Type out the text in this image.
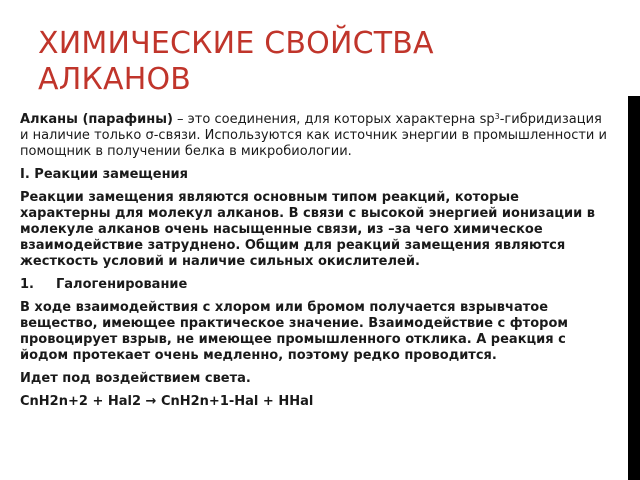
ХИМИЧЕСКИЕ СВОЙСТВА
АЛКАНОВ

Алканы (парафины) – это соединения, для которых характерна $sp^3$-гибридизация и наличие только σ-связи. Используются как источник энергии в промышленности и помощник в получении белка в микробиологии.

I. Реакции замещения

Реакции замещения являются основным типом реакций, которые характерны для молекул алканов. В связи с высокой энергией ионизации в молекуле алканов очень насыщенные связи, из –за чего химическое взаимодействие затруднено. Общим для реакций замещения являются жесткость условий и наличие сильных окислителей.

1. Галогенирование

В ходе взаимодействия с хлором или бромом получается взрывчатое вещество, имеющее практическое значение. Взаимодействие с фтором провоцирует взрыв, не имеющее промышленного отклика. А реакция с йодом протекает очень медленно, поэтому редко проводится.

Идет под воздействием света.

CnH2n+2 + Hal2 → CnH2n+1-Hal + HHal
